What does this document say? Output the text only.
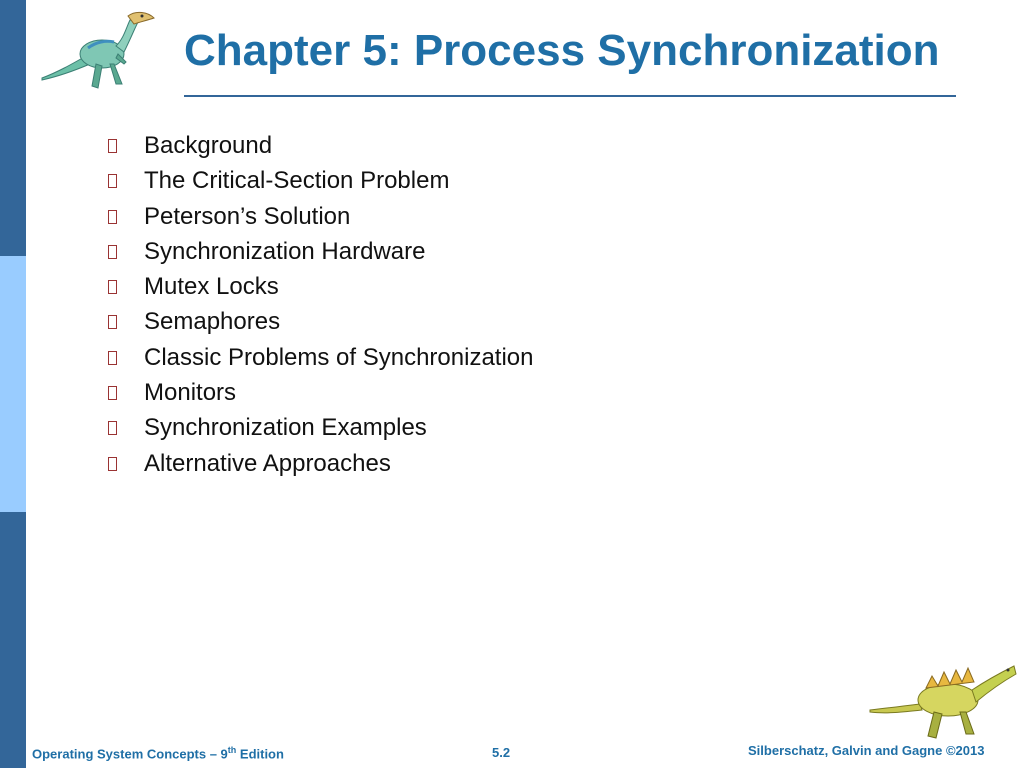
Chapter 5: Process Synchronization
Background
The Critical-Section Problem
Peterson’s Solution
Synchronization Hardware
Mutex Locks
Semaphores
Classic Problems of Synchronization
Monitors
Synchronization Examples
Alternative Approaches
Operating System Concepts – 9th Edition	5.2	Silberschatz, Galvin and Gagne ©2013
